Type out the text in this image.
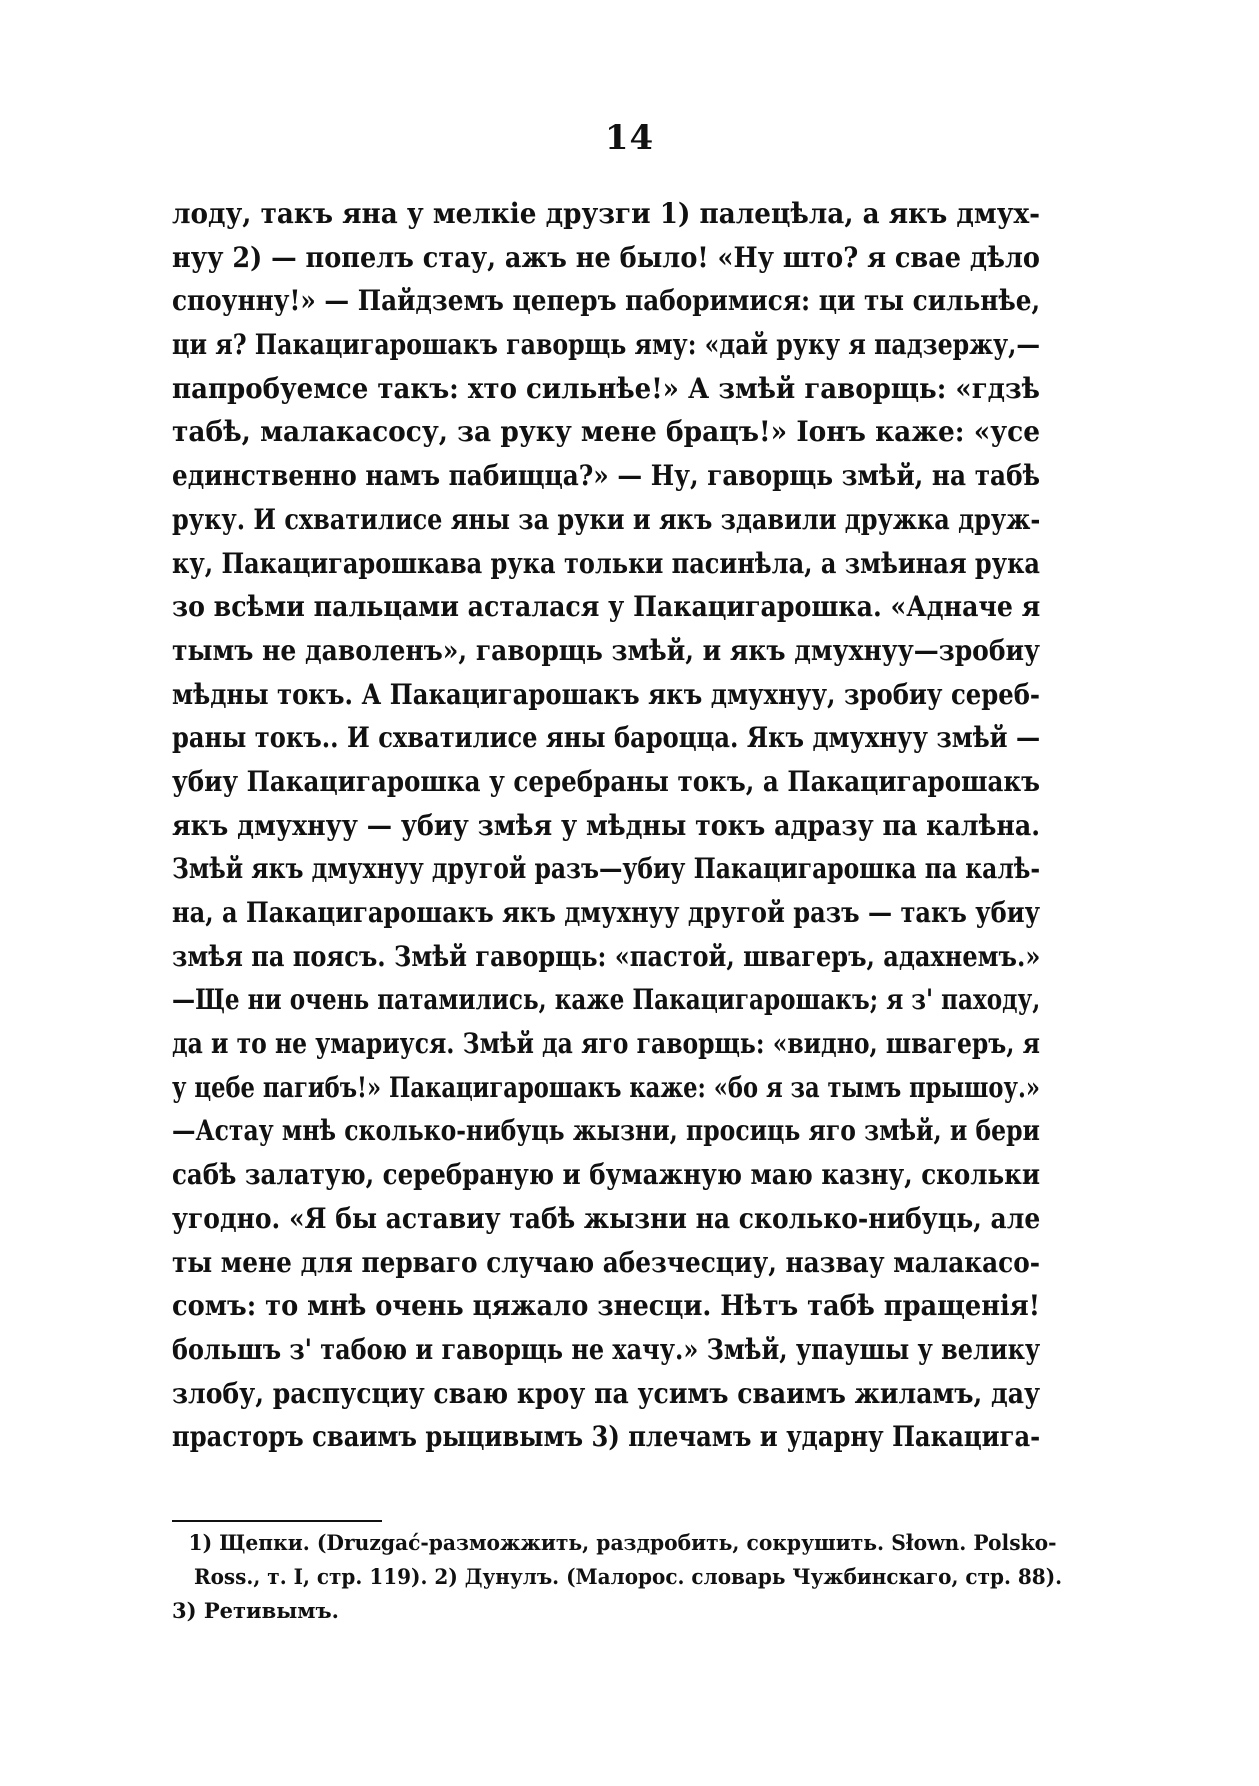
14
лоду, такъ яна у мелкіе друзги 1) палецѣла, а якъ дмух-
нуу 2) — попелъ стау, ажъ не было! «Ну што? я свае дѣло
споунну!» — Пайдземъ цеперъ паборимися: ци ты сильнѣе,
ци я? Пакацигарошакъ гаворщь яму: «дай руку я падзержу,—
папробуемсе такъ: хто сильнѣе!» А змѣй гаворщь: «гдзѣ
табѣ, малакасосу, за руку мене брацъ!» Іонъ каже: «усе
единственно намъ пабищца?» — Ну, гаворщь змѣй, на табѣ
руку. И схватилисе яны за руки и якъ здавили дружка друж-
ку, Пакацигарошкава рука тольки пасинѣла, а змѣиная рука
зо всѣми пальцами асталася у Пакацигарошка. «Адначе я
тымъ не даволенъ», гаворщь змѣй, и якъ дмухнуу—зробиу
мѣдны токъ. А Пакацигарошакъ якъ дмухнуу, зробиу сереб-
раны токъ.. И схватилисе яны бароцца. Якъ дмухнуу змѣй —
убиу Пакацигарошка у серебраны токъ, а Пакацигарошакъ
якъ дмухнуу — убиу змѣя у мѣдны токъ адразу па калѣна.
Змѣй якъ дмухнуу другой разъ—убиу Пакацигарошка па калѣ-
на, а Пакацигарошакъ якъ дмухнуу другой разъ — такъ убиу
змѣя па поясъ. Змѣй гаворщь: «пастой, швагеръ, адахнемъ.»
—Ще ни очень патамились, каже Пакацигарошакъ; я з' паходу,
да и то не умариуся. Змѣй да яго гаворщь: «видно, швагеръ, я
у цебе пагибъ!» Пакацигарошакъ каже: «бо я за тымъ прышоу.»
—Астау мнѣ сколько-нибуць жызни, просиць яго змѣй, и бери
сабѣ залатую, серебраную и бумажную маю казну, скольки
угодно. «Я бы аставиу табѣ жызни на сколько-нибуць, але
ты мене для перваго случаю абезчесциу, назвау малакасо-
сомъ: то мнѣ очень цяжало знесци. Нѣтъ табѣ пращенія!
большъ з' табою и гаворщь не хачу.» Змѣй, упаушы у велику
злобу, распусциу сваю кроу па усимъ сваимъ жиламъ, дау
прасторъ сваимъ рыцивымъ 3) плечамъ и ударну Пакацига-
1) Щепки. (Druzgać-разможжить, раздробить, сокрушить. Słown. Polsko-
Ross., т. I, стр. 119). 2) Дунулъ. (Малорос. словарь Чужбинскаго, стр. 88).
3) Ретивымъ.
